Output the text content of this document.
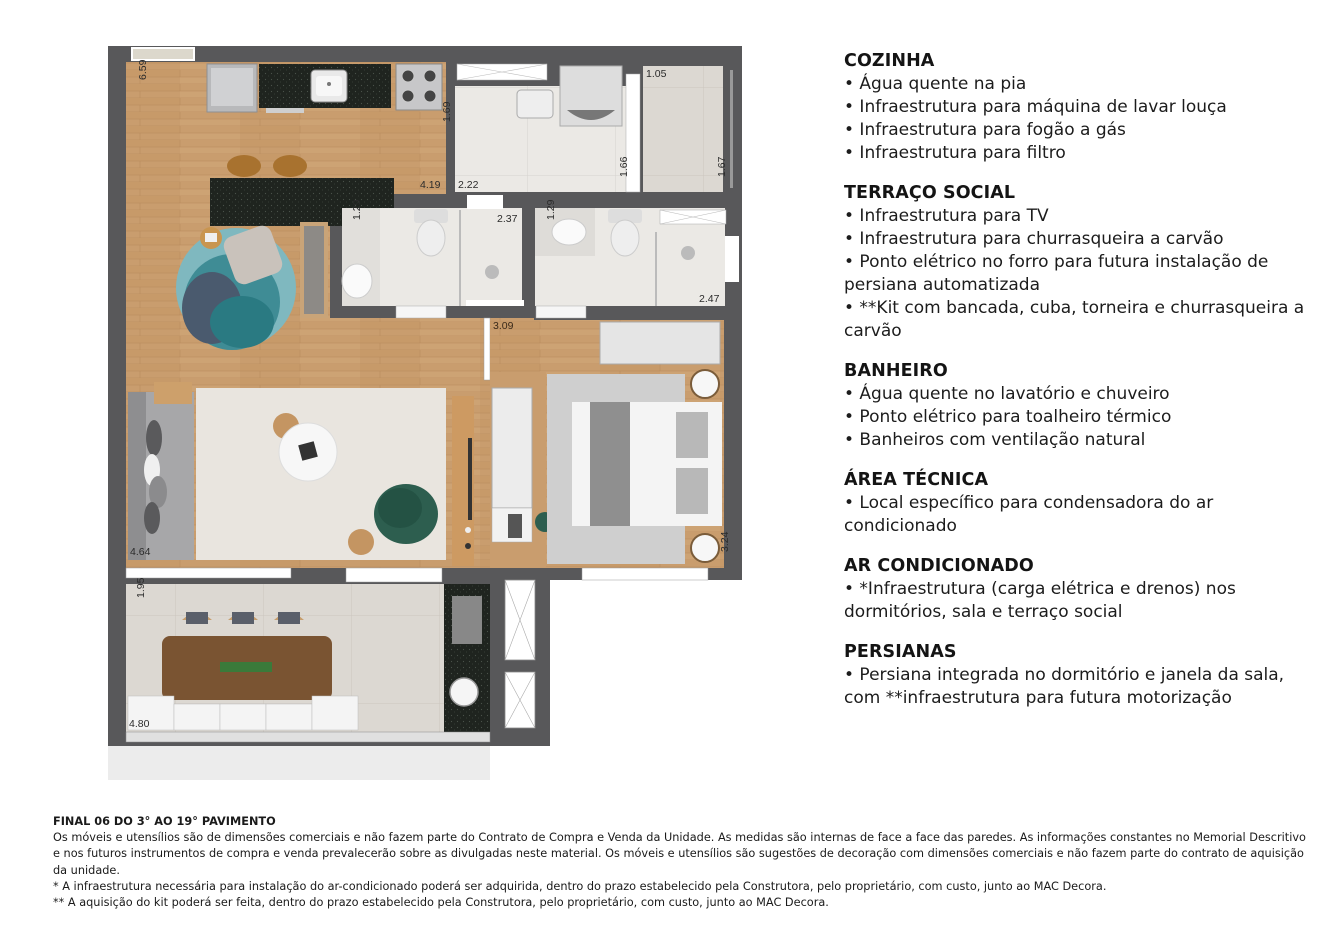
6.59
1.69
4.19 2.22
1.66
1.05
1.67
1.29	2.37	1.29
2.47
3.09
4.64	3.24
1.95
4.80
COZINHA
• Água quente na pia
• Infraestrutura para máquina de lavar louça
• Infraestrutura para fogão a gás
• Infraestrutura para filtro
TERRAÇO SOCIAL
• Infraestrutura para TV
• Infraestrutura para churrasqueira a carvão
• Ponto elétrico no forro para futura instalação de persiana automatizada
• **Kit com bancada, cuba, torneira e churrasqueira a carvão
BANHEIRO
• Água quente no lavatório e chuveiro
• Ponto elétrico para toalheiro térmico
• Banheiros com ventilação natural
ÁREA TÉCNICA
• Local específico para condensadora do ar condicionado
AR CONDICIONADO
• *Infraestrutura (carga elétrica e drenos) nos dormitórios, sala e terraço social
PERSIANAS
• Persiana integrada no dormitório e janela da sala, com **infraestrutura para futura motorização
FINAL 06 DO 3° AO 19° PAVIMENTO
Os móveis e utensílios são de dimensões comerciais e não fazem parte do Contrato de Compra e Venda da Unidade. As medidas são internas de face a face das paredes. As informações constantes no Memorial Descritivo e nos futuros instrumentos de compra e venda prevalecerão sobre as divulgadas neste material. Os móveis e utensílios são sugestões de decoração com dimensões comerciais e não fazem parte do contrato de aquisição da unidade.
* A infraestrutura necessária para instalação do ar-condicionado poderá ser adquirida, dentro do prazo estabelecido pela Construtora, pelo proprietário, com custo, junto ao MAC Decora.
** A aquisição do kit poderá ser feita, dentro do prazo estabelecido pela Construtora, pelo proprietário, com custo, junto ao MAC Decora.
